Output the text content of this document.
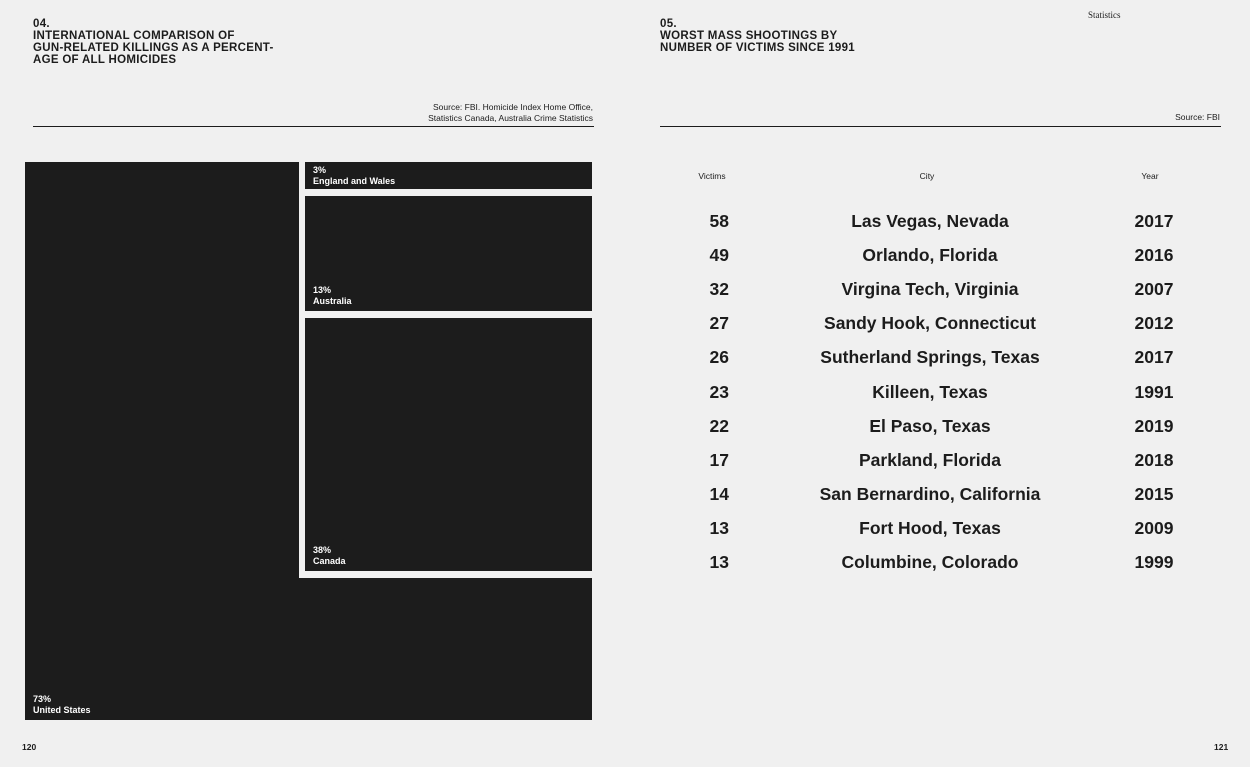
04.
INTERNATIONAL COMPARISON OF
GUN-RELATED KILLINGS AS A PERCENT-
AGE OF ALL HOMICIDES
Source: FBI. Homicide Index Home Office,
Statistics Canada, Australia Crime Statistics
73%
United States
38%
Canada
13%
Australia
3%
England and Wales
120
Statistics
05.
WORST MASS SHOOTINGS BY
NUMBER OF VICTIMS SINCE 1991
Source: FBI
Victims	City	Year
58	Las Vegas, Nevada	2017
49	Orlando, Florida	2016
32	Virgina Tech, Virginia	2007
27	Sandy Hook, Connecticut	2012
26	Sutherland Springs, Texas	2017
23	Killeen, Texas	1991
22	El Paso, Texas	2019
17	Parkland, Florida	2018
14	San Bernardino, California	2015
13	Fort Hood, Texas	2009
13	Columbine, Colorado	1999
121
